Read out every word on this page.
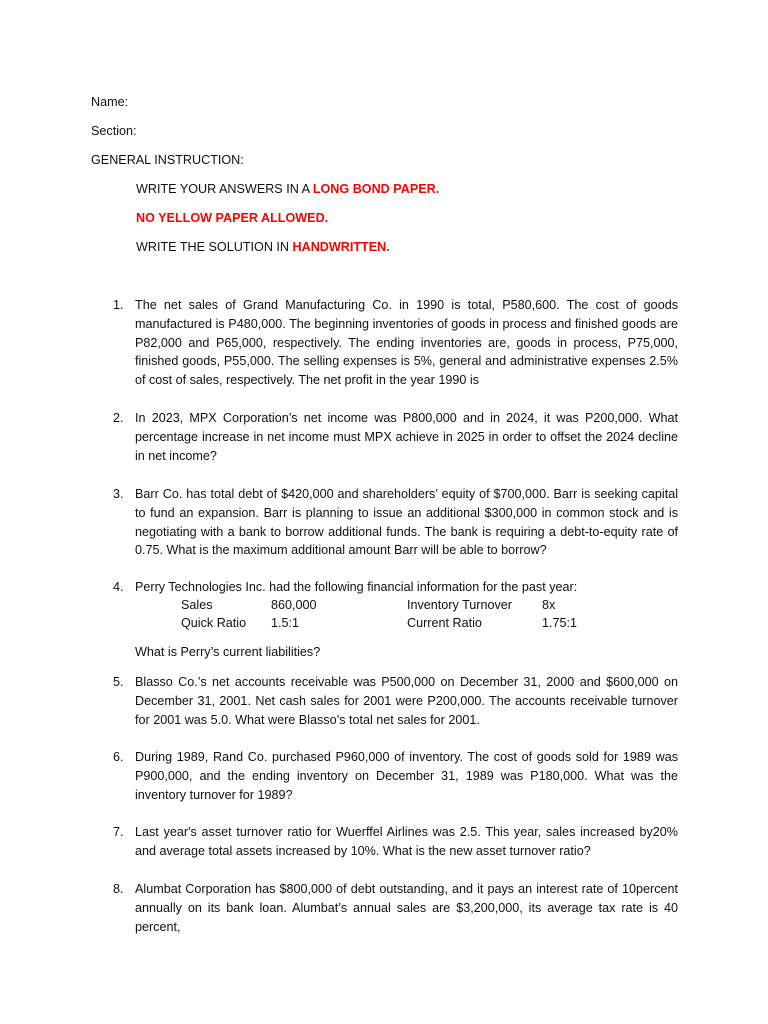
Name:
Section:
GENERAL INSTRUCTION:
WRITE YOUR ANSWERS IN A LONG BOND PAPER.
NO YELLOW PAPER ALLOWED.
WRITE THE SOLUTION IN HANDWRITTEN.
1. The net sales of Grand Manufacturing Co. in 1990 is total, P580,600. The cost of goods manufactured is P480,000. The beginning inventories of goods in process and finished goods are P82,000 and P65,000, respectively. The ending inventories are, goods in process, P75,000, finished goods, P55,000. The selling expenses is 5%, general and administrative expenses 2.5% of cost of sales, respectively. The net profit in the year 1990 is
2. In 2023, MPX Corporation’s net income was P800,000 and in 2024, it was P200,000. What percentage increase in net income must MPX achieve in 2025 in order to offset the 2024 decline in net income?
3. Barr Co. has total debt of $420,000 and shareholders’ equity of $700,000. Barr is seeking capital to fund an expansion. Barr is planning to issue an additional $300,000 in common stock and is negotiating with a bank to borrow additional funds. The bank is requiring a debt-to-equity rate of 0.75. What is the maximum additional amount Barr will be able to borrow?
4. Perry Technologies Inc. had the following financial information for the past year:
Sales	860,000	Inventory Turnover 8x
Quick Ratio 1.5:1	Current Ratio	1.75:1
What is Perry’s current liabilities?
5. Blasso Co.’s net accounts receivable was P500,000 on December 31, 2000 and $600,000 on December 31, 2001. Net cash sales for 2001 were P200,000. The accounts receivable turnover for 2001 was 5.0. What were Blasso’s total net sales for 2001.
6. During 1989, Rand Co. purchased P960,000 of inventory. The cost of goods sold for 1989 was P900,000, and the ending inventory on December 31, 1989 was P180,000. What was the inventory turnover for 1989?
7. Last year's asset turnover ratio for Wuerffel Airlines was 2.5. This year, sales increased by20% and average total assets increased by 10%. What is the new asset turnover ratio?
8. Alumbat Corporation has $800,000 of debt outstanding, and it pays an interest rate of 10percent annually on its bank loan. Alumbat’s annual sales are $3,200,000, its average tax rate is 40 percent,
